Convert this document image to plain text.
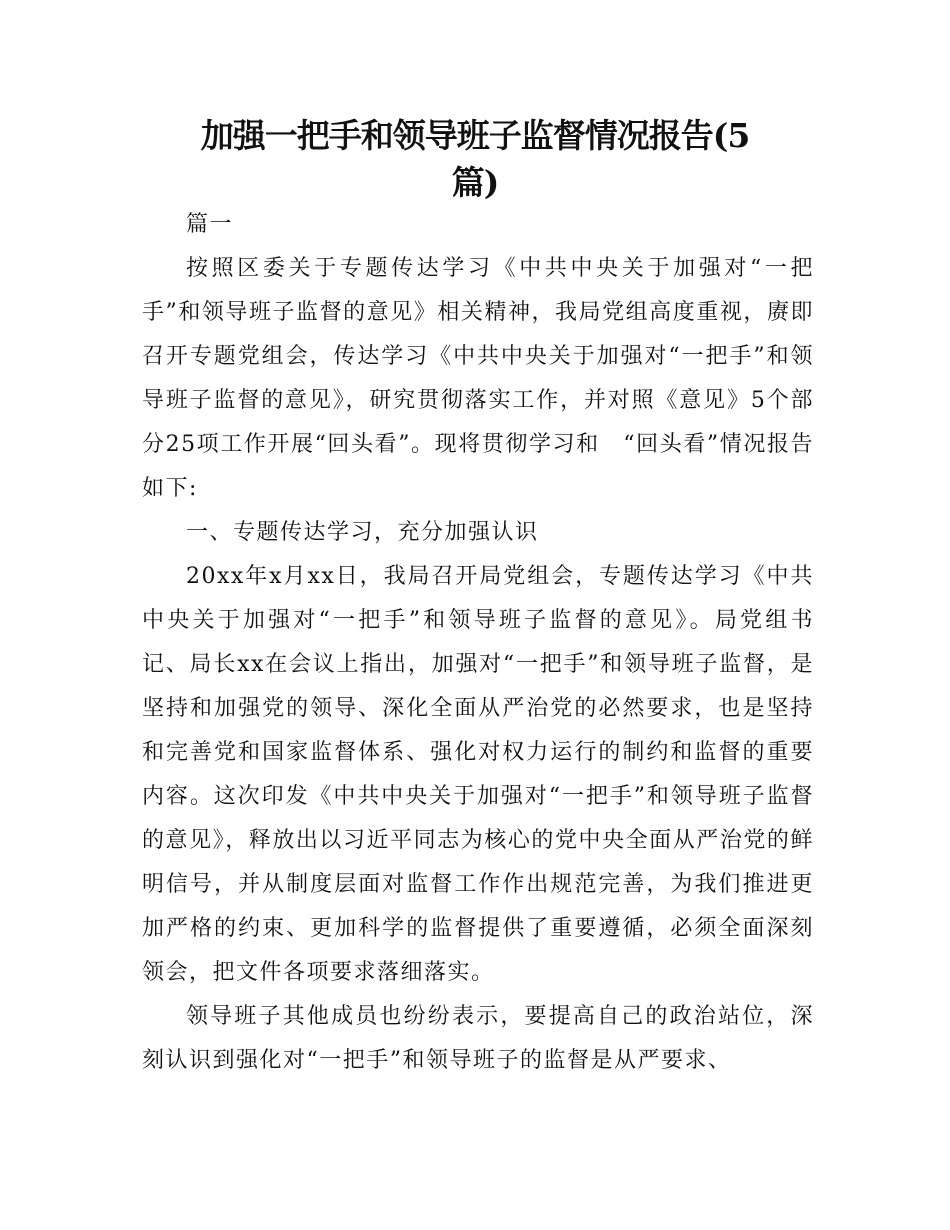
加强一把手和领导班子监督情况报告(5
篇)

篇一

按照区委关于专题传达学习《中共中央关于加强对“一把手”和领导班子监督的意见》相关精神，我局党组高度重视，赓即召开专题党组会，传达学习《中共中央关于加强对“一把手”和领导班子监督的意见》，研究贯彻落实工作，并对照《意见》5个部分25项工作开展“回头看”。现将贯彻学习和　“回头看”情况报告如下:

一、专题传达学习，充分加强认识

20xx年x月xx日，我局召开局党组会，专题传达学习《中共中央关于加强对“一把手”和领导班子监督的意见》。局党组书记、局长xx在会议上指出，加强对“一把手”和领导班子监督，是坚持和加强党的领导、深化全面从严治党的必然要求，也是坚持和完善党和国家监督体系、强化对权力运行的制约和监督的重要内容。这次印发《中共中央关于加强对“一把手”和领导班子监督的意见》，释放出以习近平同志为核心的党中央全面从严治党的鲜明信号，并从制度层面对监督工作作出规范完善，为我们推进更加严格的约束、更加科学的监督提供了重要遵循，必须全面深刻领会，把文件各项要求落细落实。

领导班子其他成员也纷纷表示，要提高自己的政治站位，深刻认识到强化对“一把手”和领导班子的监督是从严要求、
